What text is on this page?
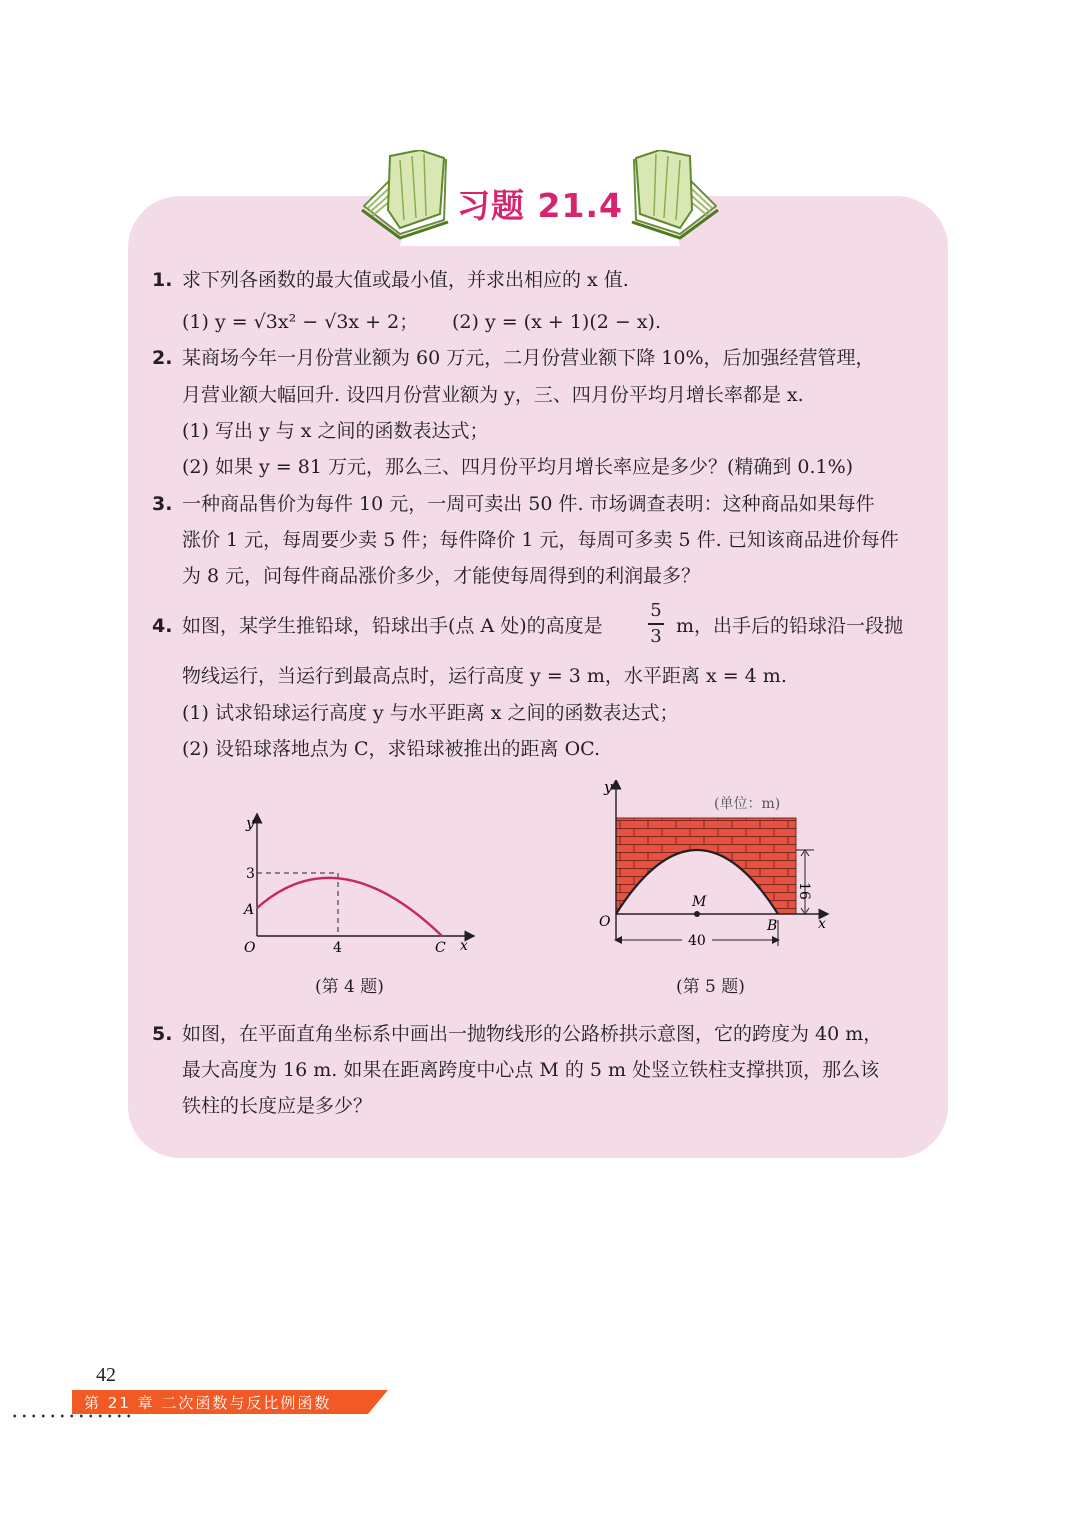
习题 21.4
1. 求下列各函数的最大值或最小值，并求出相应的 x 值.
(1) y = √3x² − √3x + 2； (2) y = (x + 1)(2 − x).
2. 某商场今年一月份营业额为 60 万元，二月份营业额下降 10%，后加强经营管理，
月营业额大幅回升. 设四月份营业额为 y，三、四月份平均月增长率都是 x.
(1) 写出 y 与 x 之间的函数表达式；
(2) 如果 y = 81 万元，那么三、四月份平均月增长率应是多少？(精确到 0.1%)
3. 一种商品售价为每件 10 元，一周可卖出 50 件. 市场调查表明：这种商品如果每件
涨价 1 元，每周要少卖 5 件；每件降价 1 元，每周可多卖 5 件. 已知该商品进价每件
为 8 元，问每件商品涨价多少，才能使每周得到的利润最多？
4. 如图，某学生推铅球，铅球出手(点 A 处)的高度是
5
3 m，出手后的铅球沿一段抛
物线运行，当运行到最高点时，运行高度 y = 3 m，水平距离 x = 4 m.
(1) 试求铅球运行高度 y 与水平距离 x 之间的函数表达式；
(2) 设铅球落地点为 C，求铅球被推出的距离 OC.
y
3
A
O	4	C x
(第 4 题)
16
y
(单位：m)
O
M
B	x
40
(第 5 题)
5. 如图，在平面直角坐标系中画出一抛物线形的公路桥拱示意图，它的跨度为 40 m，
最大高度为 16 m. 如果在距离跨度中心点 M 的 5 m 处竖立铁柱支撑拱顶，那么该
铁柱的长度应是多少？
42
第 21 章 二次函数与反比例函数
